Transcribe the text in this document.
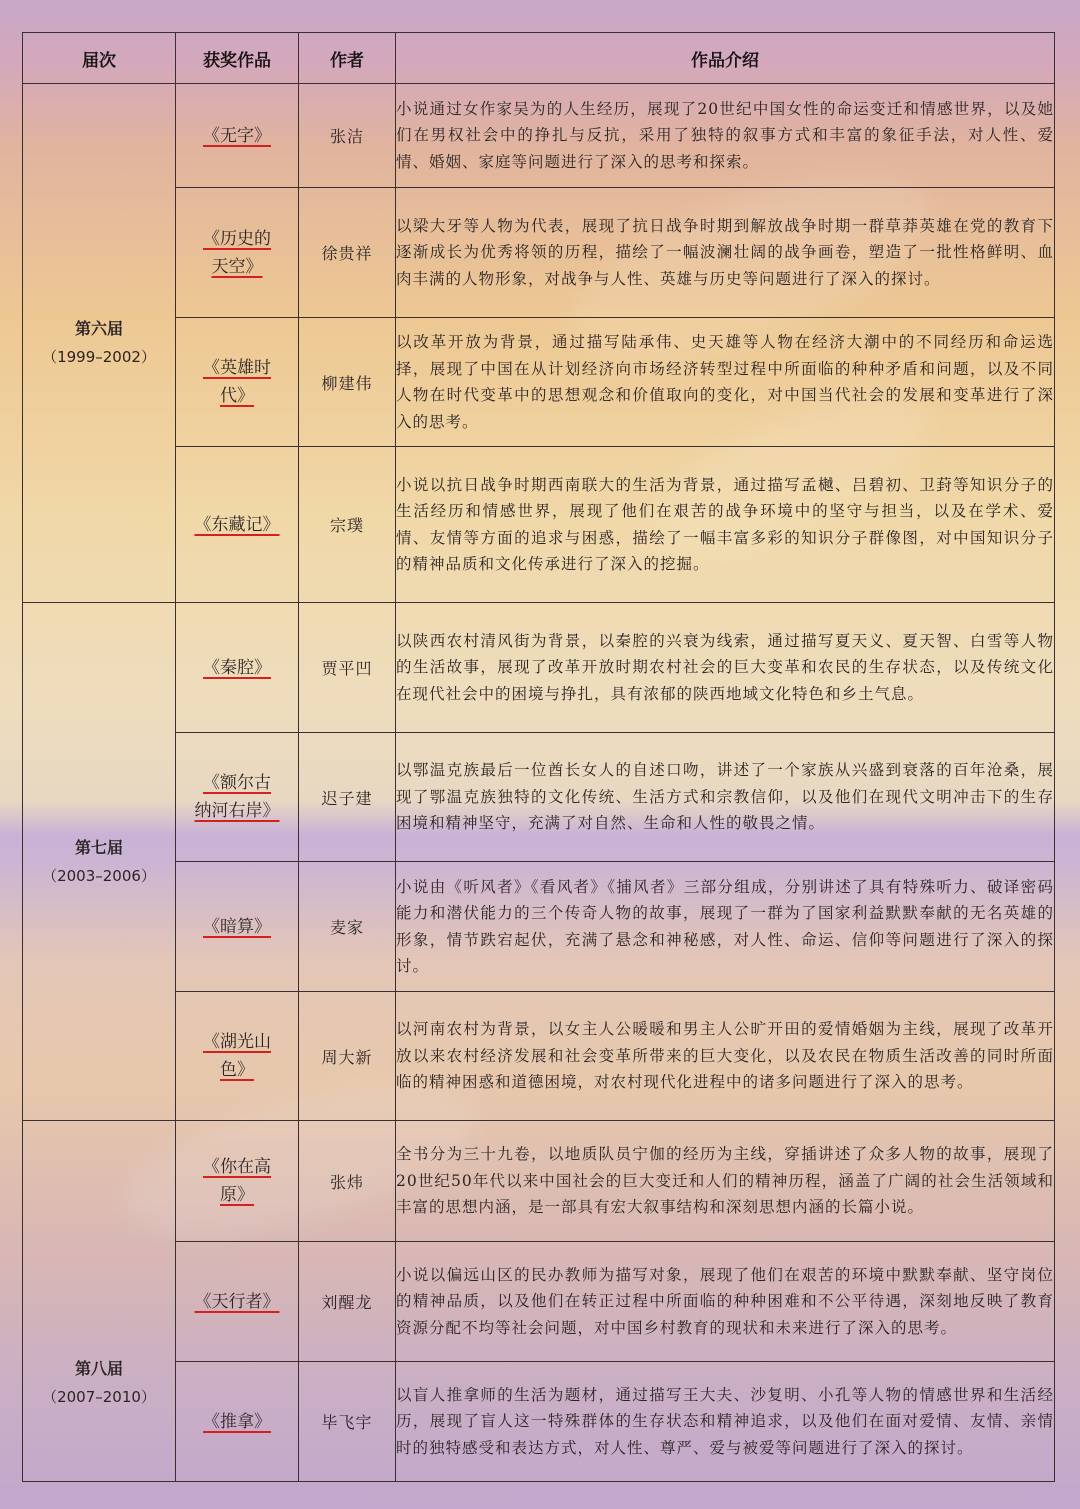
届次	获奖作品	作者	作品介绍

第六届
（1999–2002）	《无字》	张洁	小说通过女作家吴为的人生经历，展现了20世纪中国女性的命运变迁和情感世界，以及她们在男权社会中的挣扎与反抗，采用了独特的叙事方式和丰富的象征手法，对人性、爱情、婚姻、家庭等问题进行了深入的思考和探索。
	《历史的
天空》	徐贵祥	以梁大牙等人物为代表，展现了抗日战争时期到解放战争时期一群草莽英雄在党的教育下逐渐成长为优秀将领的历程，描绘了一幅波澜壮阔的战争画卷，塑造了一批性格鲜明、血肉丰满的人物形象，对战争与人性、英雄与历史等问题进行了深入的探讨。
	《英雄时
代》	柳建伟	以改革开放为背景，通过描写陆承伟、史天雄等人物在经济大潮中的不同经历和命运选择，展现了中国在从计划经济向市场经济转型过程中所面临的种种矛盾和问题，以及不同人物在时代变革中的思想观念和价值取向的变化，对中国当代社会的发展和变革进行了深入的思考。
	《东藏记》	宗璞	小说以抗日战争时期西南联大的生活为背景，通过描写孟樾、吕碧初、卫葑等知识分子的生活经历和情感世界，展现了他们在艰苦的战争环境中的坚守与担当，以及在学术、爱情、友情等方面的追求与困惑，描绘了一幅丰富多彩的知识分子群像图，对中国知识分子的精神品质和文化传承进行了深入的挖掘。

第七届
（2003–2006）	《秦腔》	贾平凹	以陕西农村清风街为背景，以秦腔的兴衰为线索，通过描写夏天义、夏天智、白雪等人物的生活故事，展现了改革开放时期农村社会的巨大变革和农民的生存状态，以及传统文化在现代社会中的困境与挣扎，具有浓郁的陕西地域文化特色和乡土气息。
	《额尔古
纳河右岸》	迟子建	以鄂温克族最后一位酋长女人的自述口吻，讲述了一个家族从兴盛到衰落的百年沧桑，展现了鄂温克族独特的文化传统、生活方式和宗教信仰，以及他们在现代文明冲击下的生存困境和精神坚守，充满了对自然、生命和人性的敬畏之情。
	《暗算》	麦家	小说由《听风者》《看风者》《捕风者》三部分组成，分别讲述了具有特殊听力、破译密码能力和潜伏能力的三个传奇人物的故事，展现了一群为了国家利益默默奉献的无名英雄的形象，情节跌宕起伏，充满了悬念和神秘感，对人性、命运、信仰等问题进行了深入的探讨。
	《湖光山
色》	周大新	以河南农村为背景，以女主人公暖暖和男主人公旷开田的爱情婚姻为主线，展现了改革开放以来农村经济发展和社会变革所带来的巨大变化，以及农民在物质生活改善的同时所面临的精神困惑和道德困境，对农村现代化进程中的诸多问题进行了深入的思考。

第八届
（2007–2010）	《你在高
原》	张炜	全书分为三十九卷，以地质队员宁伽的经历为主线，穿插讲述了众多人物的故事，展现了20世纪50年代以来中国社会的巨大变迁和人们的精神历程，涵盖了广阔的社会生活领域和丰富的思想内涵，是一部具有宏大叙事结构和深刻思想内涵的长篇小说。
	《天行者》	刘醒龙	小说以偏远山区的民办教师为描写对象，展现了他们在艰苦的环境中默默奉献、坚守岗位的精神品质，以及他们在转正过程中所面临的种种困难和不公平待遇，深刻地反映了教育资源分配不均等社会问题，对中国乡村教育的现状和未来进行了深入的思考。
	《推拿》	毕飞宇	以盲人推拿师的生活为题材，通过描写王大夫、沙复明、小孔等人物的情感世界和生活经历，展现了盲人这一特殊群体的生存状态和精神追求，以及他们在面对爱情、友情、亲情时的独特感受和表达方式，对人性、尊严、爱与被爱等问题进行了深入的探讨。
